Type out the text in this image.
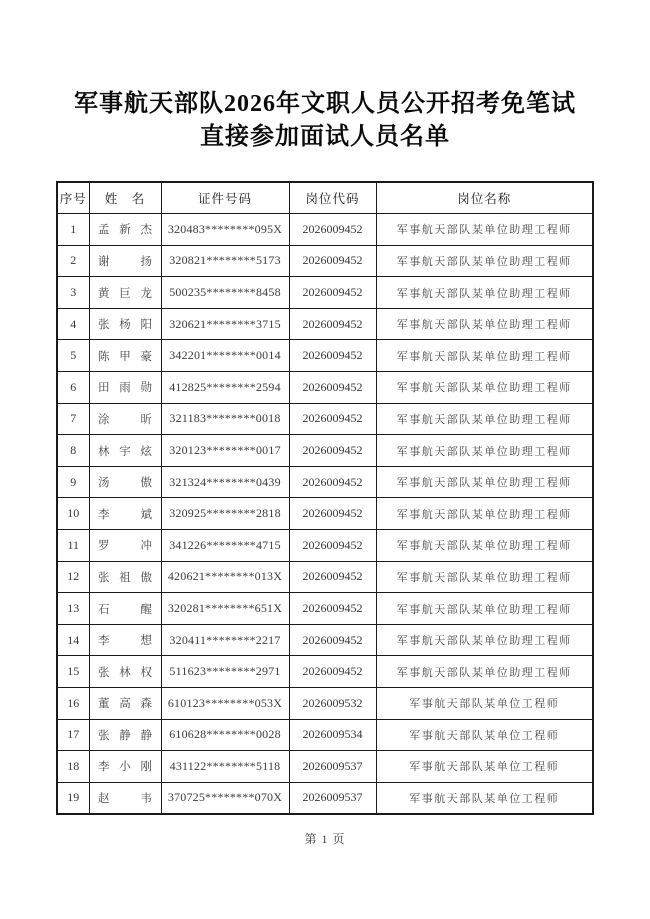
军事航天部队2026年文职人员公开招考免笔试
直接参加面试人员名单
序号	姓　名	证件号码	岗位代码	岗位名称
1	孟新杰	320483********095X	2026009452	军事航天部队某单位助理工程师
2	谢扬	320821********5173	2026009452	军事航天部队某单位助理工程师
3	黄巨龙	500235********8458	2026009452	军事航天部队某单位助理工程师
4	张杨阳	320621********3715	2026009452	军事航天部队某单位助理工程师
5	陈甲豪	342201********0014	2026009452	军事航天部队某单位助理工程师
6	田雨勋	412825********2594	2026009452	军事航天部队某单位助理工程师
7	涂昕	321183********0018	2026009452	军事航天部队某单位助理工程师
8	林宇炫	320123********0017	2026009452	军事航天部队某单位助理工程师
9	汤傲	321324********0439	2026009452	军事航天部队某单位助理工程师
10	李斌	320925********2818	2026009452	军事航天部队某单位助理工程师
11	罗冲	341226********4715	2026009452	军事航天部队某单位助理工程师
12	张祖傲	420621********013X	2026009452	军事航天部队某单位助理工程师
13	石醒	320281********651X	2026009452	军事航天部队某单位助理工程师
14	李想	320411********2217	2026009452	军事航天部队某单位助理工程师
15	张林权	511623********2971	2026009452	军事航天部队某单位助理工程师
16	董高森	610123********053X	2026009532	军事航天部队某单位工程师
17	张静静	610628********0028	2026009534	军事航天部队某单位工程师
18	李小刚	431122********5118	2026009537	军事航天部队某单位工程师
19	赵韦	370725********070X	2026009537	军事航天部队某单位工程师
第 1 页
